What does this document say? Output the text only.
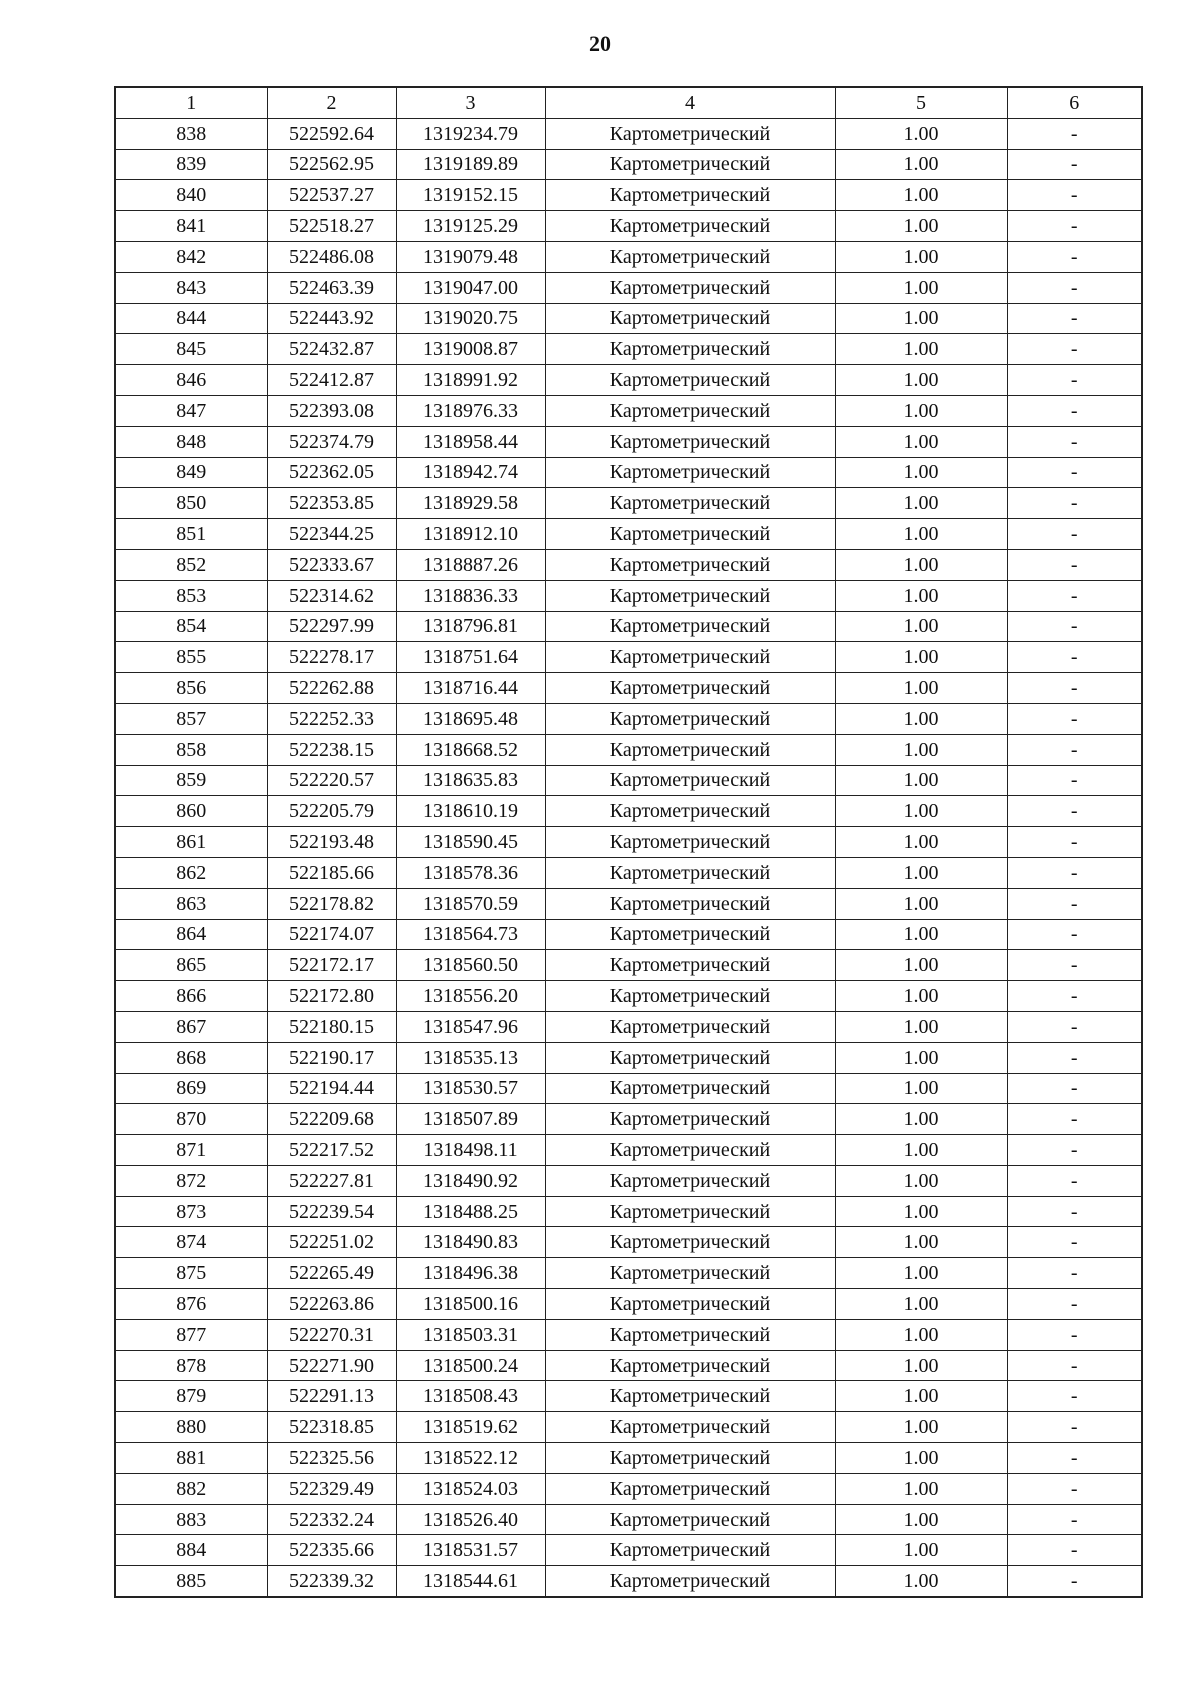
20
1	2	3	4	5	6
838	522592.64	1319234.79	Картометрический	1.00	-
839	522562.95	1319189.89	Картометрический	1.00	-
840	522537.27	1319152.15	Картометрический	1.00	-
841	522518.27	1319125.29	Картометрический	1.00	-
842	522486.08	1319079.48	Картометрический	1.00	-
843	522463.39	1319047.00	Картометрический	1.00	-
844	522443.92	1319020.75	Картометрический	1.00	-
845	522432.87	1319008.87	Картометрический	1.00	-
846	522412.87	1318991.92	Картометрический	1.00	-
847	522393.08	1318976.33	Картометрический	1.00	-
848	522374.79	1318958.44	Картометрический	1.00	-
849	522362.05	1318942.74	Картометрический	1.00	-
850	522353.85	1318929.58	Картометрический	1.00	-
851	522344.25	1318912.10	Картометрический	1.00	-
852	522333.67	1318887.26	Картометрический	1.00	-
853	522314.62	1318836.33	Картометрический	1.00	-
854	522297.99	1318796.81	Картометрический	1.00	-
855	522278.17	1318751.64	Картометрический	1.00	-
856	522262.88	1318716.44	Картометрический	1.00	-
857	522252.33	1318695.48	Картометрический	1.00	-
858	522238.15	1318668.52	Картометрический	1.00	-
859	522220.57	1318635.83	Картометрический	1.00	-
860	522205.79	1318610.19	Картометрический	1.00	-
861	522193.48	1318590.45	Картометрический	1.00	-
862	522185.66	1318578.36	Картометрический	1.00	-
863	522178.82	1318570.59	Картометрический	1.00	-
864	522174.07	1318564.73	Картометрический	1.00	-
865	522172.17	1318560.50	Картометрический	1.00	-
866	522172.80	1318556.20	Картометрический	1.00	-
867	522180.15	1318547.96	Картометрический	1.00	-
868	522190.17	1318535.13	Картометрический	1.00	-
869	522194.44	1318530.57	Картометрический	1.00	-
870	522209.68	1318507.89	Картометрический	1.00	-
871	522217.52	1318498.11	Картометрический	1.00	-
872	522227.81	1318490.92	Картометрический	1.00	-
873	522239.54	1318488.25	Картометрический	1.00	-
874	522251.02	1318490.83	Картометрический	1.00	-
875	522265.49	1318496.38	Картометрический	1.00	-
876	522263.86	1318500.16	Картометрический	1.00	-
877	522270.31	1318503.31	Картометрический	1.00	-
878	522271.90	1318500.24	Картометрический	1.00	-
879	522291.13	1318508.43	Картометрический	1.00	-
880	522318.85	1318519.62	Картометрический	1.00	-
881	522325.56	1318522.12	Картометрический	1.00	-
882	522329.49	1318524.03	Картометрический	1.00	-
883	522332.24	1318526.40	Картометрический	1.00	-
884	522335.66	1318531.57	Картометрический	1.00	-
885	522339.32	1318544.61	Картометрический	1.00	-
